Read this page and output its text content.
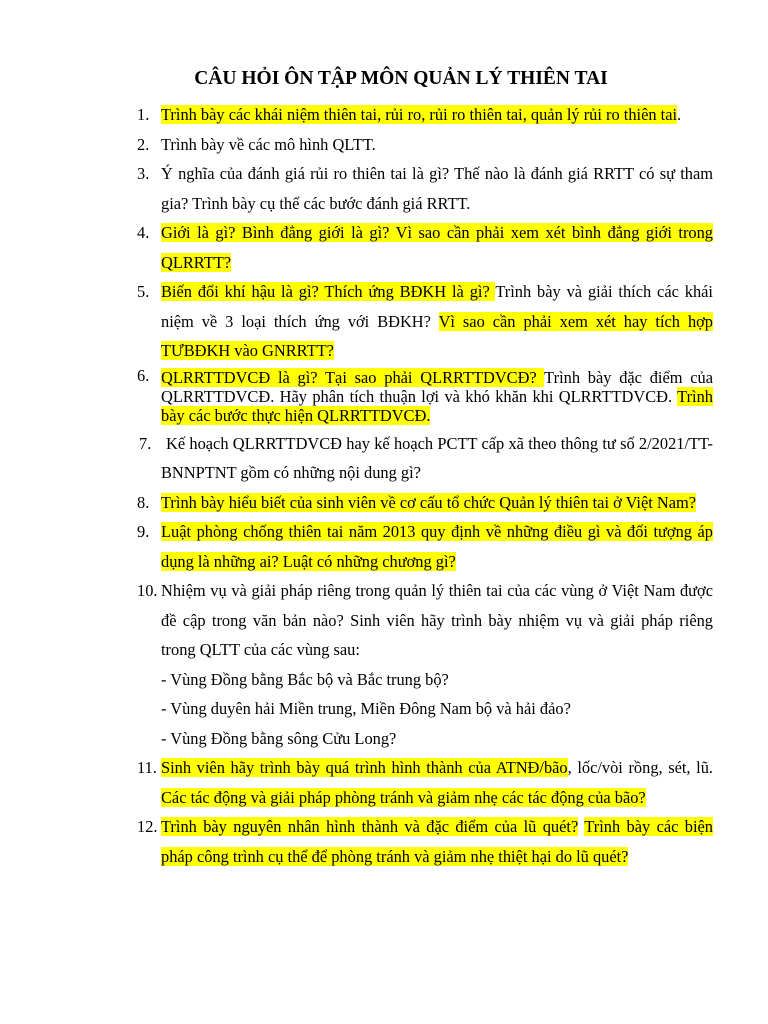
CÂU HỎI ÔN TẬP MÔN QUẢN LÝ THIÊN TAI
1. Trình bày các khái niệm thiên tai, rủi ro, rủi ro thiên tai, quản lý rủi ro thiên tai.
2. Trình bày về các mô hình QLTT.
3. Ý nghĩa của đánh giá rủi ro thiên tai là gì? Thế nào là đánh giá RRTT có sự tham gia? Trình bày cụ thể các bước đánh giá RRTT.
4. Giới là gì? Bình đẳng giới là gì? Vì sao cần phải xem xét bình đẳng giới trong QLRRTT?
5. Biến đổi khí hậu là gì? Thích ứng BĐKH là gì? Trình bày và giải thích các khái niệm về 3 loại thích ứng với BĐKH? Vì sao cần phải xem xét hay tích hợp TƯBĐKH vào GNRRTT?
6. QLRRTTDVCĐ là gì? Tại sao phải QLRRTTDVCĐ? Trình bày đặc điểm của QLRRTTDVCĐ. Hãy phân tích thuận lợi và khó khăn khi QLRRTTDVCĐ. Trình bày các bước thực hiện QLRRTTDVCĐ.
7. Kế hoạch QLRRTTDVCĐ hay kế hoạch PCTT cấp xã theo thông tư số 2/2021/TT-BNNPTNT gồm có những nội dung gì?
8. Trình bày hiểu biết của sinh viên về cơ cấu tổ chức Quản lý thiên tai ở Việt Nam?
9. Luật phòng chống thiên tai năm 2013 quy định về những điều gì và đối tượng áp dụng là những ai? Luật có những chương gì?
10. Nhiệm vụ và giải pháp riêng trong quản lý thiên tai của các vùng ở Việt Nam được đề cập trong văn bản nào? Sinh viên hãy trình bày nhiệm vụ và giải pháp riêng trong QLTT của các vùng sau:
- Vùng Đồng bằng Bắc bộ và Bắc trung bộ?
- Vùng duyên hải Miền trung, Miền Đông Nam bộ và hải đảo?
- Vùng Đồng bằng sông Cửu Long?
11. Sinh viên hãy trình bày quá trình hình thành của ATNĐ/bão, lốc/vòi rồng, sét, lũ. Các tác động và giải pháp phòng tránh và giảm nhẹ các tác động của bão?
12. Trình bày nguyên nhân hình thành và đặc điểm của lũ quét? Trình bày các biện pháp công trình cụ thể để phòng tránh và giảm nhẹ thiệt hại do lũ quét?
